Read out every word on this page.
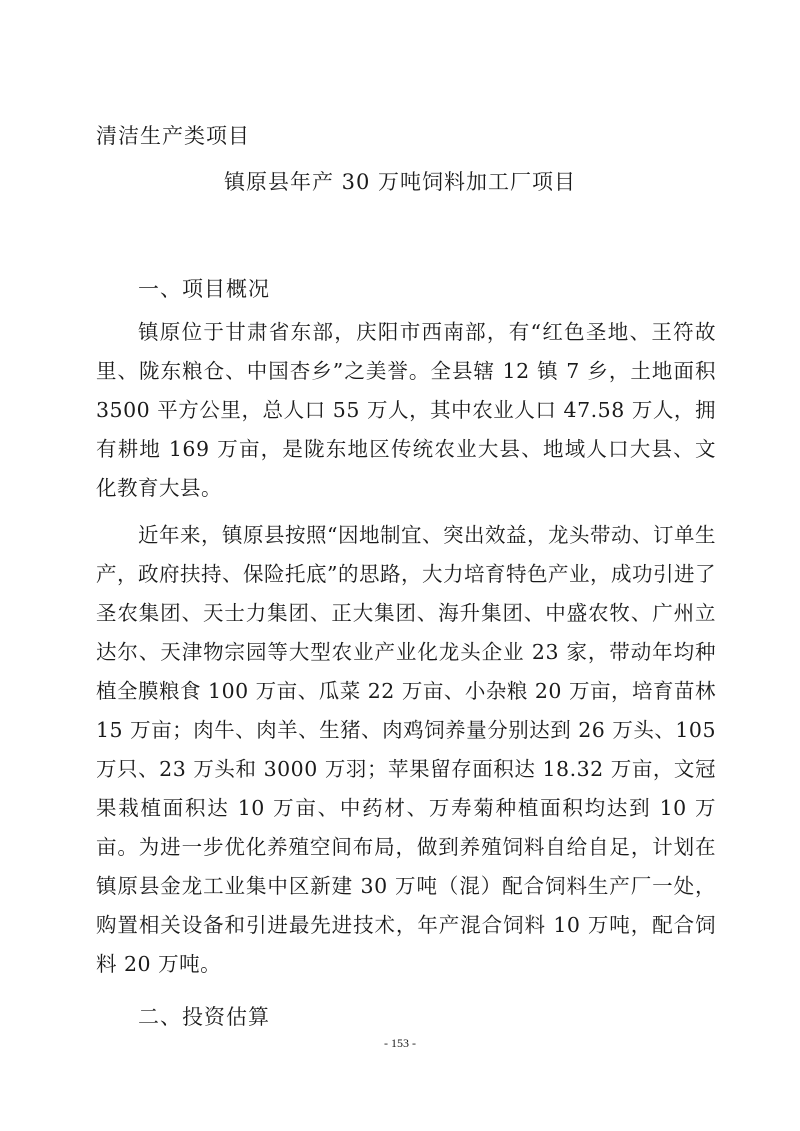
清洁生产类项目
镇原县年产 30 万吨饲料加工厂项目
一、项目概况

镇原位于甘肃省东部，庆阳市西南部，有“红色圣地、王符故里、陇东粮仓、中国杏乡”之美誉。全县辖 12 镇 7 乡，土地面积 3500 平方公里，总人口 55 万人，其中农业人口 47.58 万人，拥有耕地 169 万亩，是陇东地区传统农业大县、地域人口大县、文化教育大县。

近年来，镇原县按照“因地制宜、突出效益，龙头带动、订单生产，政府扶持、保险托底”的思路，大力培育特色产业，成功引进了圣农集团、天士力集团、正大集团、海升集团、中盛农牧、广州立达尔、天津物宗园等大型农业产业化龙头企业 23 家，带动年均种植全膜粮食 100 万亩、瓜菜 22 万亩、小杂粮 20 万亩，培育苗林 15 万亩；肉牛、肉羊、生猪、肉鸡饲养量分别达到 26 万头、105 万只、23 万头和 3000 万羽；苹果留存面积达 18.32 万亩，文冠果栽植面积达 10 万亩、中药材、万寿菊种植面积均达到 10 万亩。为进一步优化养殖空间布局，做到养殖饲料自给自足，计划在镇原县金龙工业集中区新建 30 万吨（混）配合饲料生产厂一处，购置相关设备和引进最先进技术，年产混合饲料 10 万吨，配合饲料 20 万吨。

二、投资估算
- 153 -
